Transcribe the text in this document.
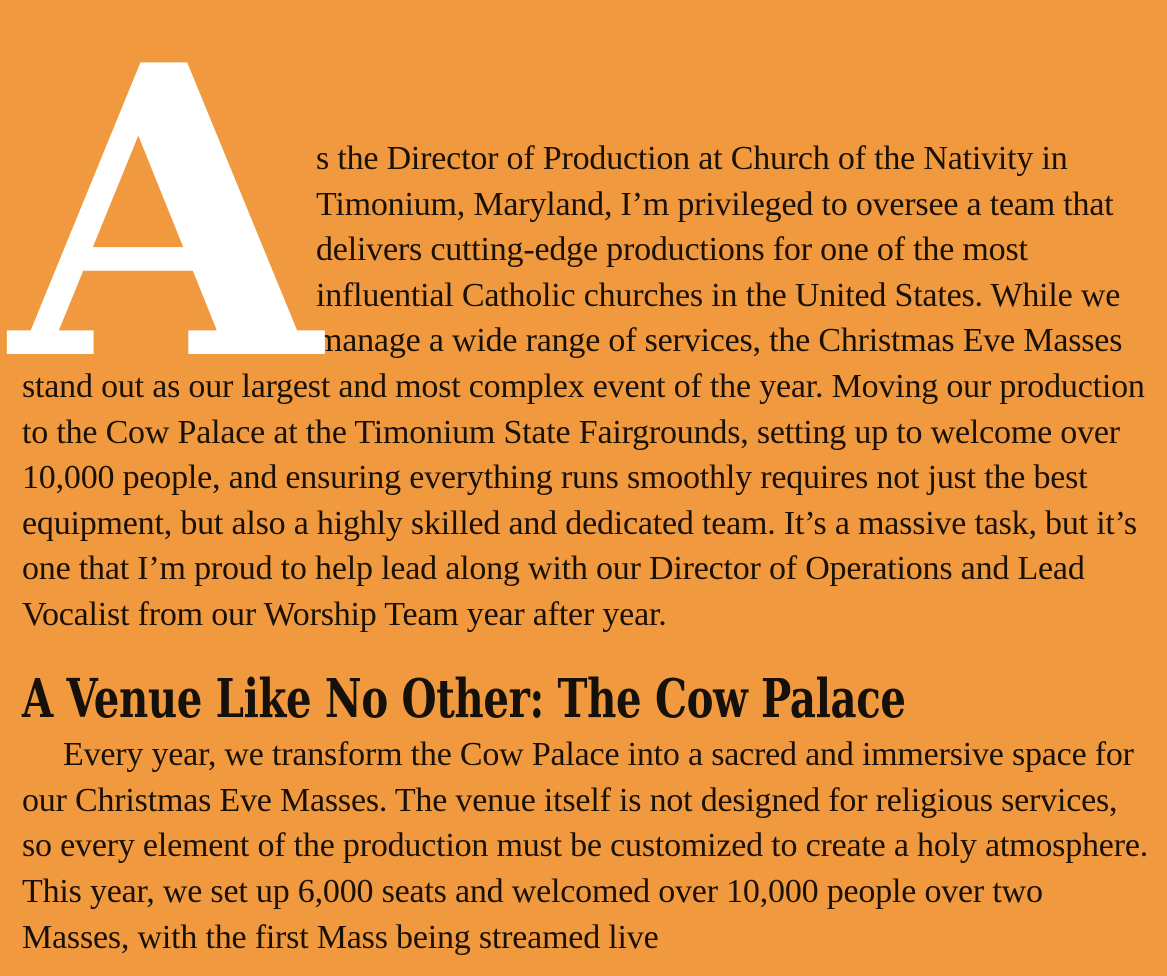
A

s the Director of Production at Church of the Nativity in Timonium, Maryland, I’m privileged to oversee a team that delivers cutting-edge productions for one of the most influential Catholic churches in the United States. While we manage a wide range of services, the Christmas Eve Masses stand out as our largest and most complex event of the year. Moving our production to the Cow Palace at the Timonium State Fairgrounds, setting up to welcome over 10,000 people, and ensuring everything runs smoothly requires not just the best equipment, but also a highly skilled and dedicated team. It’s a massive task, but it’s one that I’m proud to help lead along with our Director of Operations and Lead Vocalist from our Worship Team year after year.

A Venue Like No Other: The Cow Palace

Every year, we transform the Cow Palace into a sacred and immersive space for our Christmas Eve Masses. The venue itself is not designed for religious services, so every element of the production must be customized to create a holy atmosphere. This year, we set up 6,000 seats and welcomed over 10,000 people over two Masses, with the first Mass being streamed live
